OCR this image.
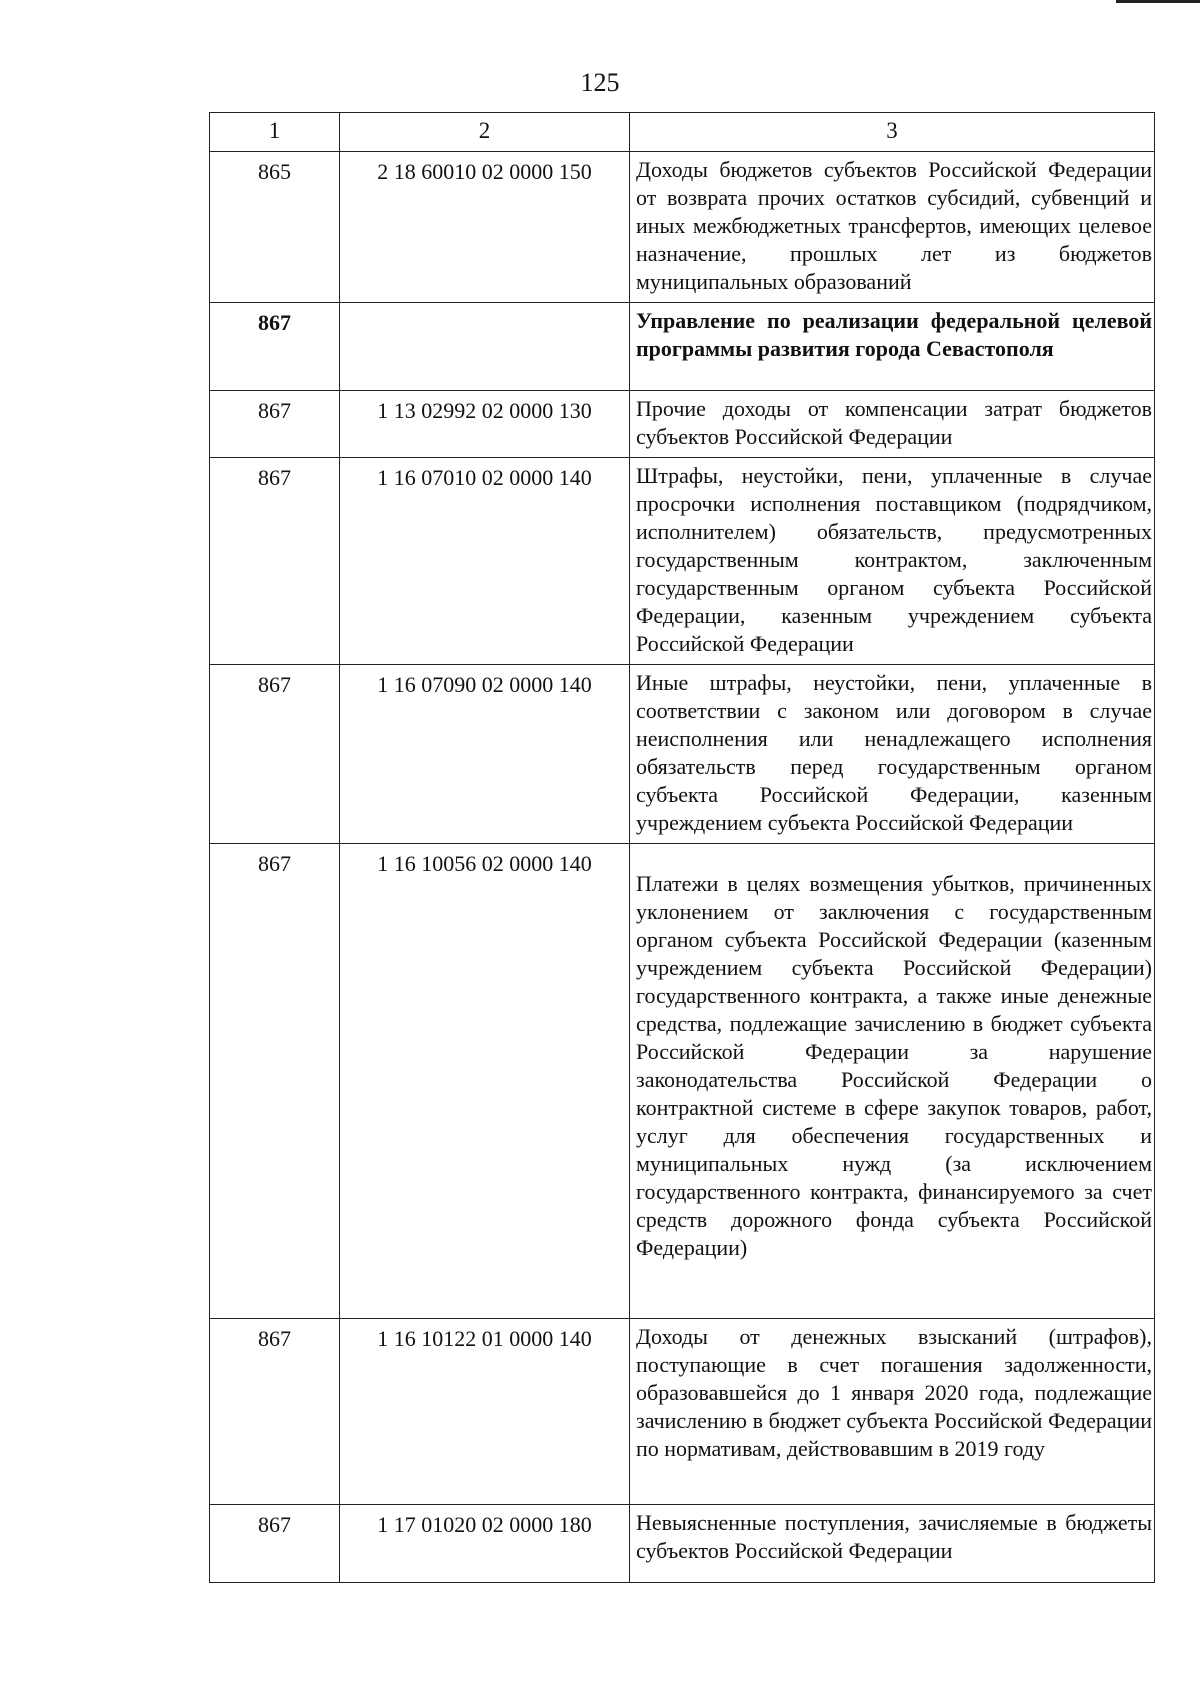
125
1	2	3
865	2 18 60010 02 0000 150	Доходы бюджетов субъектов Российской Федерации от возврата прочих остатков субсидий, субвенций и иных межбюджетных трансфертов, имеющих целевое назначение, прошлых лет из бюджетов муниципальных образований
867		Управление по реализации федеральной целевой программы развития города Севастополя
867	1 13 02992 02 0000 130	Прочие доходы от компенсации затрат бюджетов субъектов Российской Федерации
867	1 16 07010 02 0000 140	Штрафы, неустойки, пени, уплаченные в случае просрочки исполнения поставщиком (подрядчиком, исполнителем) обязательств, предусмотренных государственным контрактом, заключенным государственным органом субъекта Российской Федерации, казенным учреждением субъекта Российской Федерации
867	1 16 07090 02 0000 140	Иные штрафы, неустойки, пени, уплаченные в соответствии с законом или договором в случае неисполнения или ненадлежащего исполнения обязательств перед государственным органом субъекта Российской Федерации, казенным учреждением субъекта Российской Федерации
867	1 16 10056 02 0000 140	Платежи в целях возмещения убытков, причиненных уклонением от заключения с государственным органом субъекта Российской Федерации (казенным учреждением субъекта Российской Федерации) государственного контракта, а также иные денежные средства, подлежащие зачислению в бюджет субъекта Российской Федерации за нарушение законодательства Российской Федерации о контрактной системе в сфере закупок товаров, работ, услуг для обеспечения государственных и муниципальных нужд (за исключением государственного контракта, финансируемого за счет средств дорожного фонда субъекта Российской Федерации)
867	1 16 10122 01 0000 140	Доходы от денежных взысканий (штрафов), поступающие в счет погашения задолженности, образовавшейся до 1 января 2020 года, подлежащие зачислению в бюджет субъекта Российской Федерации по нормативам, действовавшим в 2019 году
867	1 17 01020 02 0000 180	Невыясненные поступления, зачисляемые в бюджеты субъектов Российской Федерации
